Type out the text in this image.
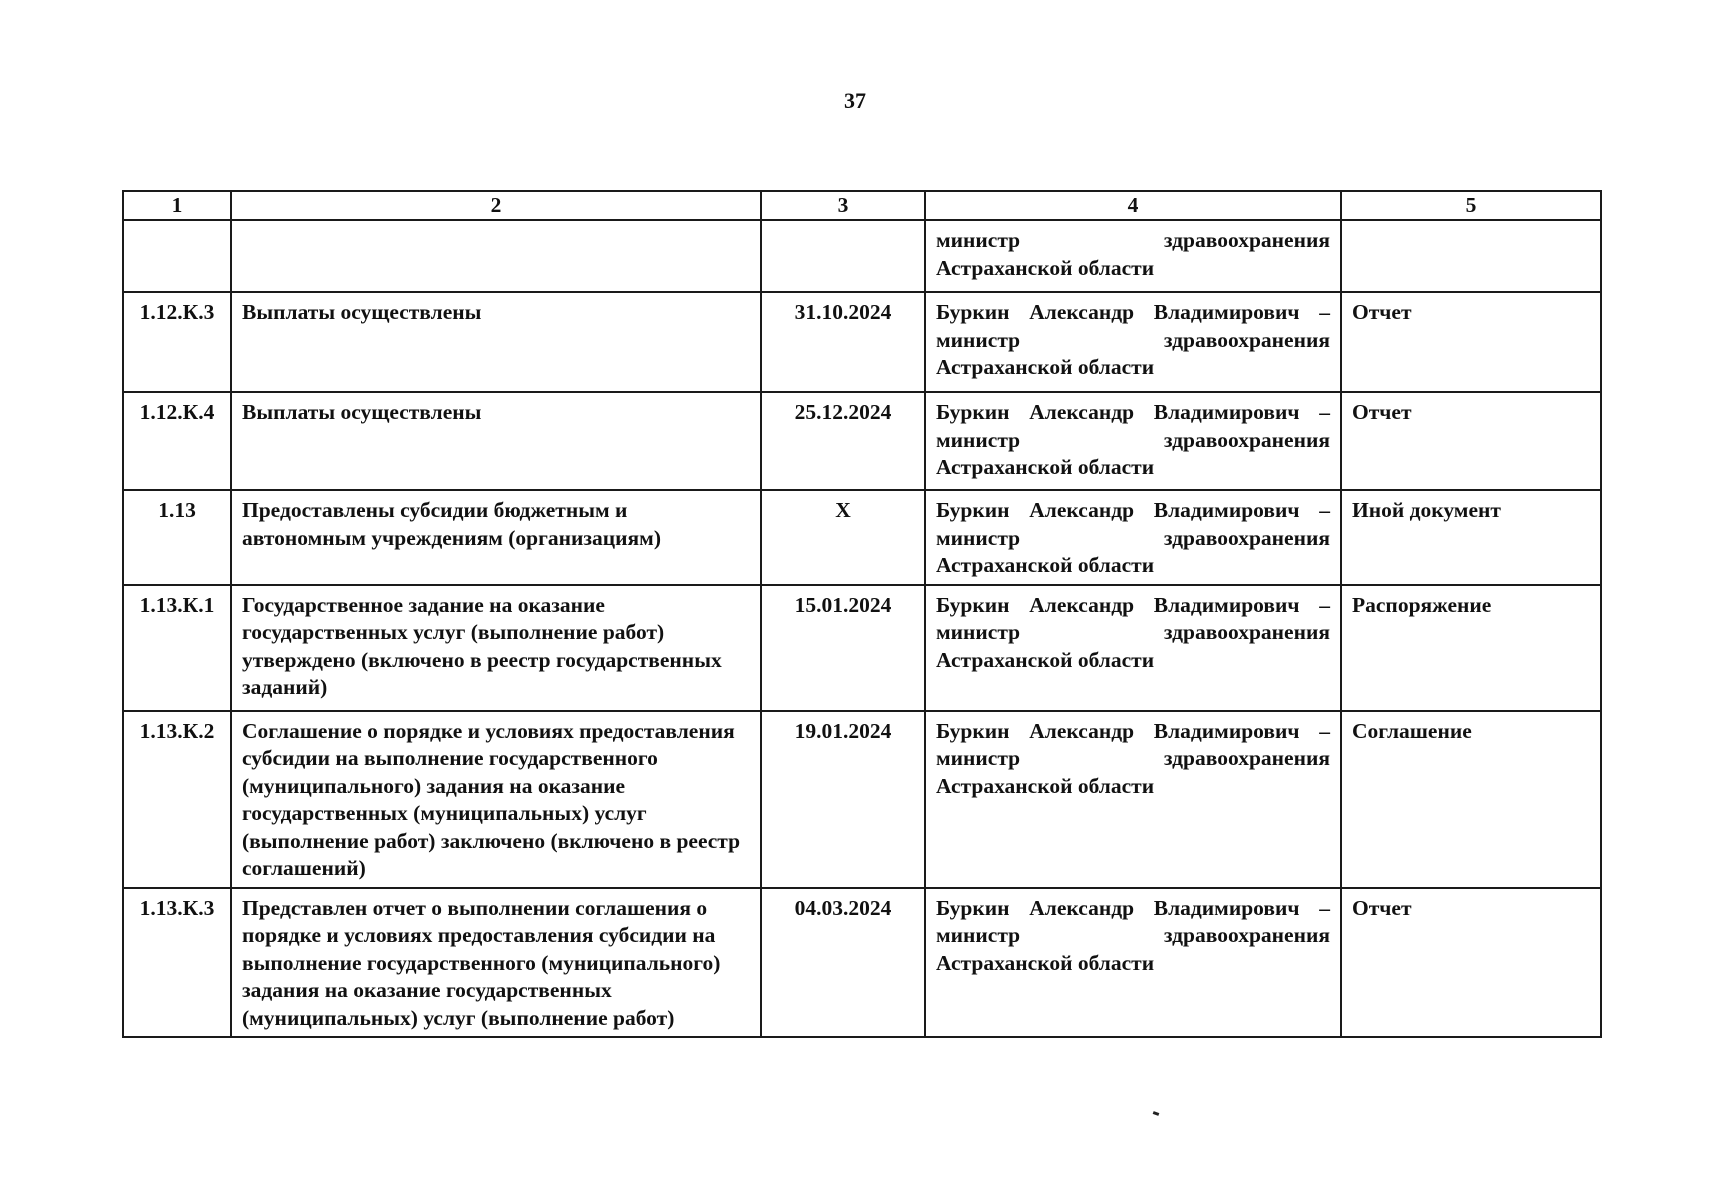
37
1	2	3	4	5
			министр здравоохранения Астраханской области	
1.12.К.3	Выплаты осуществлены	31.10.2024	Буркин Александр Владимирович – министр здравоохранения Астраханской области	Отчет
1.12.К.4	Выплаты осуществлены	25.12.2024	Буркин Александр Владимирович – министр здравоохранения Астраханской области	Отчет
1.13	Предоставлены субсидии бюджетным и автономным учреждениям (организациям)	X	Буркин Александр Владимирович – министр здравоохранения Астраханской области	Иной документ
1.13.К.1	Государственное задание на оказание государственных услуг (выполнение работ) утверждено (включено в реестр государственных заданий)	15.01.2024	Буркин Александр Владимирович – министр здравоохранения Астраханской области	Распоряжение
1.13.К.2	Соглашение о порядке и условиях предоставления субсидии на выполнение государственного (муниципального) задания на оказание государственных (муниципальных) услуг (выполнение работ) заключено (включено в реестр соглашений)	19.01.2024	Буркин Александр Владимирович – министр здравоохранения Астраханской области	Соглашение
1.13.К.3	Представлен отчет о выполнении соглашения о порядке и условиях предоставления субсидии на выполнение государственного (муниципального) задания на оказание государственных (муниципальных) услуг (выполнение работ)	04.03.2024	Буркин Александр Владимирович – министр здравоохранения Астраханской области	Отчет
